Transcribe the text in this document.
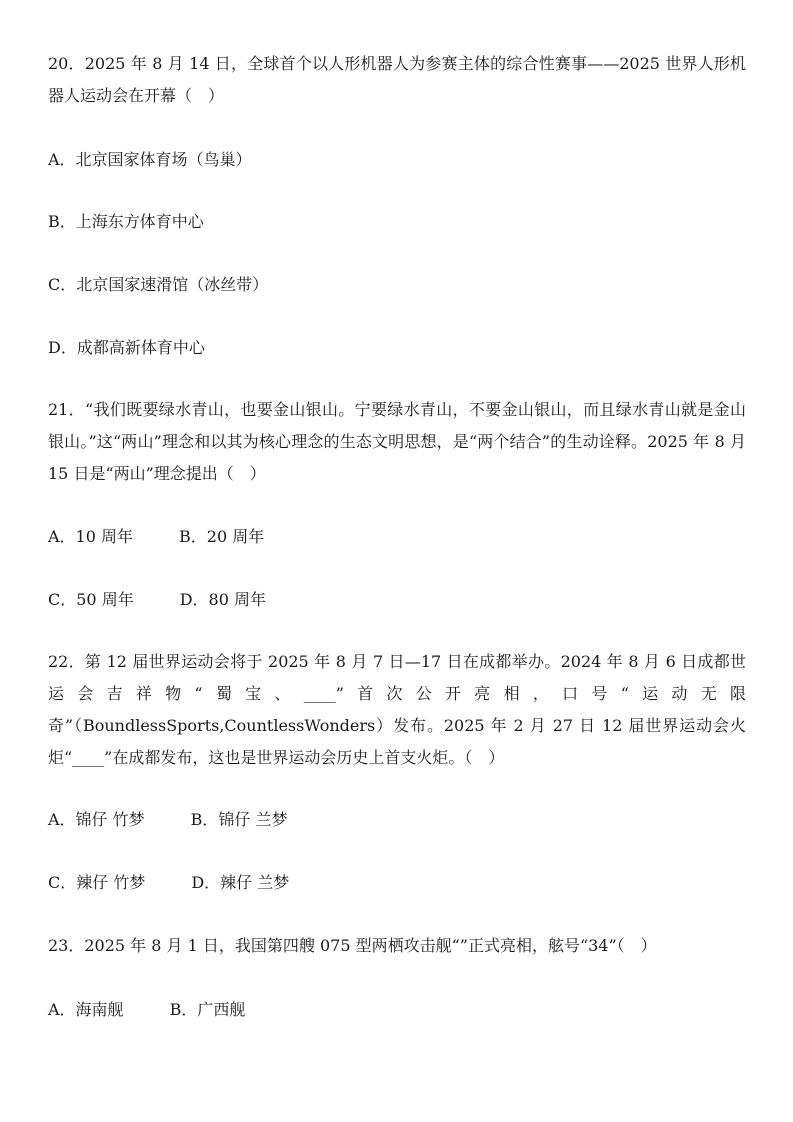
20．2025 年 8 月 14 日，全球首个以人形机器人为参赛主体的综合性赛事——2025 世界人形机器人运动会在开幕（　）
A．北京国家体育场（鸟巢）
B．上海东方体育中心
C．北京国家速滑馆（冰丝带）
D．成都高新体育中心
21．“我们既要绿水青山，也要金山银山。宁要绿水青山，不要金山银山，而且绿水青山就是金山银山。”这“两山”理念和以其为核心理念的生态文明思想，是“两个结合”的生动诠释。2025 年 8 月 15 日是“两山”理念提出（　）
A．10 周年	B．20 周年
C．50 周年	D．80 周年
22．第 12 届世界运动会将于 2025 年 8 月 7 日—17 日在成都举办。2024 年 8 月 6 日成都世运会吉祥物“蜀宝、____”首次公开亮相，口号“运动无限奇”（BoundlessSports,CountlessWonders）发布。2025 年 2 月 27 日 12 届世界运动会火炬“____”在成都发布，这也是世界运动会历史上首支火炬。（　）
A．锦仔 竹梦	B．锦仔 兰梦
C．辣仔 竹梦	D．辣仔 兰梦
23．2025 年 8 月 1 日，我国第四艘 075 型两栖攻击舰“”正式亮相，舷号“34”（　）
A．海南舰	B．广西舰
